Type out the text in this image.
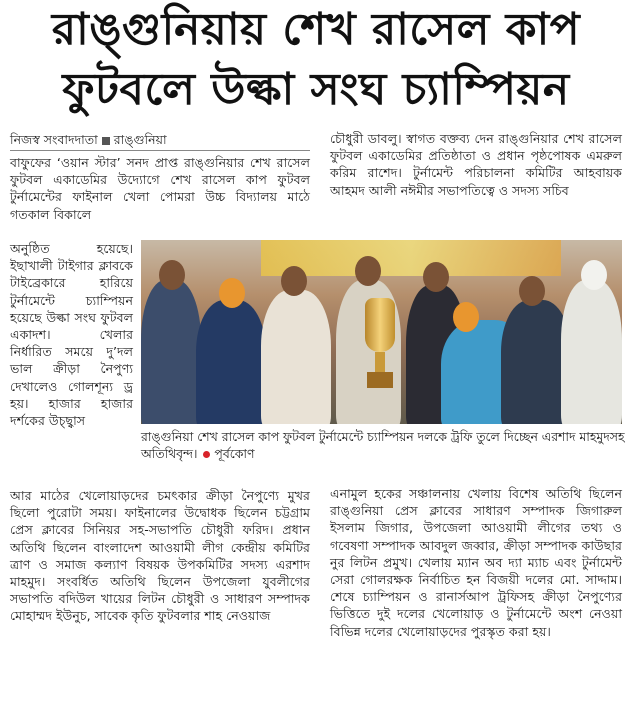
রাঙ্গুনিয়ায় শেখ রাসেল কাপ
ফুটবলে উল্কা সংঘ চ্যাম্পিয়ন
নিজস্ব সংবাদদাতা রাঙ্গুনিয়া
বাফুফের ‘ওয়ান স্টার’ সনদ প্রাপ্ত রাঙ্গুনিয়ার শেখ রাসেল ফুটবল একাডেমির উদ্যোগে শেখ রাসেল কাপ ফুটবল টুর্নামেন্টের ফাইনাল খেলা পোমরা উচ্চ বিদ্যালয় মাঠে গতকাল বিকালে
অনুষ্ঠিত হয়েছে। ইছাখালী টাইগার ক্লাবকে টাইব্রেকারে হারিয়ে টুর্নামেন্টে চ্যাম্পিয়ন হয়েছে উল্কা সংঘ ফুটবল একাদশ। খেলার নির্ধারিত সময়ে দু’দল ভাল ক্রীড়া নৈপুণ্য দেখালেও গোলশূন্য ড্র হয়। হাজার হাজার দর্শকের উচ্ছ্বাস
রাঙ্গুনিয়া শেখ রাসেল কাপ ফুটবল টুর্নামেন্টে চ্যাম্পিয়ন দলকে ট্রফি তুলে দিচ্ছেন এরশাদ মাহমুদসহ অতিথিবৃন্দ। পূর্বকোণ
আর মাঠের খেলোয়াড়দের চমৎকার ক্রীড়া নৈপুণ্যে মুখর ছিলো পুরোটা সময়। ফাইনালের উদ্বোধক ছিলেন চট্টগ্রাম প্রেস ক্লাবের সিনিয়র সহ-সভাপতি চৌধুরী ফরিদ। প্রধান অতিথি ছিলেন বাংলাদেশ আওয়ামী লীগ কেন্দ্রীয় কমিটির ত্রাণ ও সমাজ কল্যাণ বিষয়ক উপকমিটির সদস্য এরশাদ মাহমুদ। সংবর্ধিত অতিথি ছিলেন উপজেলা যুবলীগের সভাপতি বদিউল খায়ের লিটন চৌধুরী ও সাধারণ সম্পাদক মোহাম্মদ ইউনুচ, সাবেক কৃতি ফুটবলার শাহ নেওয়াজ
চৌধুরী ডাবলু। স্বাগত বক্তব্য দেন রাঙ্গুনিয়ার শেখ রাসেল ফুটবল একাডেমির প্রতিষ্ঠাতা ও প্রধান পৃষ্ঠপোষক এমরুল করিম রাশেদ। টুর্নামেন্ট পরিচালনা কমিটির আহবায়ক আহমদ আলী নঈমীর সভাপতিত্বে ও সদস্য সচিব
এনামুল হকের সঞ্চালনায় খেলায় বিশেষ অতিথি ছিলেন রাঙ্গুনিয়া প্রেস ক্লাবের সাধারণ সম্পাদক জিগারুল ইসলাম জিগার, উপজেলা আওয়ামী লীগের তথ্য ও গবেষণা সম্পাদক আবদুল জব্বার, ক্রীড়া সম্পাদক কাউছার নুর লিটন প্রমুখ। খেলায় ম্যান অব দ্যা ম্যাচ এবং টুর্নামেন্ট সেরা গোলরক্ষক নির্বাচিত হন বিজয়ী দলের মো. সাদ্দাম। শেষে চ্যাম্পিয়ন ও রানার্সআপ ট্রফিসহ ক্রীড়া নৈপুণ্যের ভিত্তিতে দুই দলের খেলোয়াড় ও টুর্নামেন্টে অংশ নেওয়া বিভিন্ন দলের খেলোয়াড়দের পুরস্কৃত করা হয়।
